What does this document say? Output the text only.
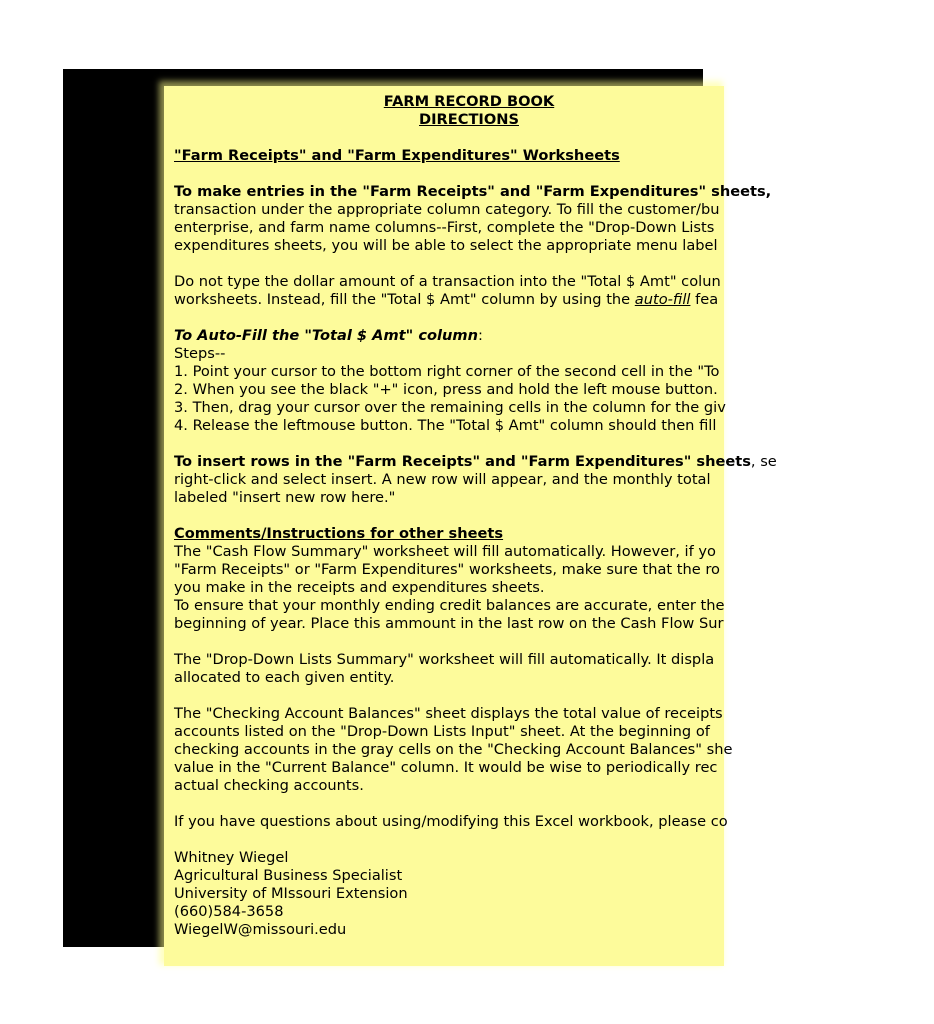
FARM RECORD BOOK
DIRECTIONS
"Farm Receipts" and "Farm Expenditures" Worksheets
To make entries in the "Farm Receipts" and "Farm Expenditures" sheets,
transaction under the appropriate column category. To fill the customer/bu
enterprise, and farm name columns--First, complete the "Drop-Down Lists
expenditures sheets, you will be able to select the appropriate menu label
Do not type the dollar amount of a transaction into the "Total $ Amt" colun
worksheets. Instead, fill the "Total $ Amt" column by using the auto-fill fea
To Auto-Fill the "Total $ Amt" column:
Steps--
1. Point your cursor to the bottom right corner of the second cell in the "To
2. When you see the black "+" icon, press and hold the left mouse button.
3. Then, drag your cursor over the remaining cells in the column for the giv
4. Release the leftmouse button. The "Total $ Amt" column should then fill
To insert rows in the "Farm Receipts" and "Farm Expenditures" sheets, se
right-click and select insert. A new row will appear, and the monthly total
labeled "insert new row here."
Comments/Instructions for other sheets
The "Cash Flow Summary" worksheet will fill automatically. However, if yo
"Farm Receipts" or "Farm Expenditures" worksheets, make sure that the ro
you make in the receipts and expenditures sheets.
To ensure that your monthly ending credit balances are accurate, enter the
beginning of year. Place this ammount in the last row on the Cash Flow Sur
The "Drop-Down Lists Summary" worksheet will fill automatically. It displa
allocated to each given entity.
The "Checking Account Balances" sheet displays the total value of receipts
accounts listed on the "Drop-Down Lists Input" sheet. At the beginning of
checking accounts in the gray cells on the "Checking Account Balances" she
value in the "Current Balance" column. It would be wise to periodically rec
actual checking accounts.
If you have questions about using/modifying this Excel workbook, please co
Whitney Wiegel
Agricultural Business Specialist
University of MIssouri Extension
(660)584-3658
WiegelW@missouri.edu
